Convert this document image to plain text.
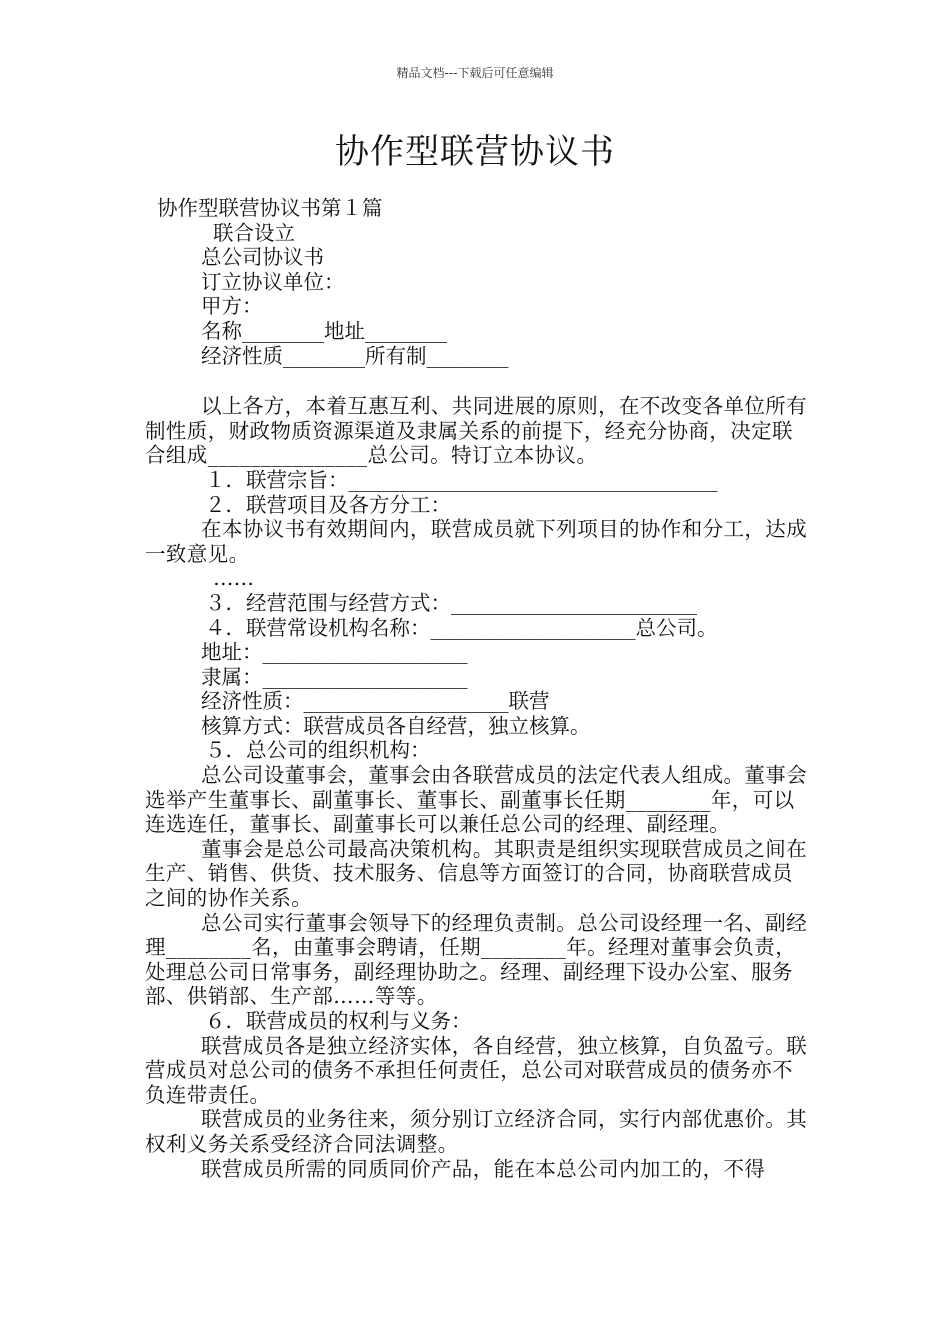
精品文档---下载后可任意编辑
协作型联营协议书

协作型联营协议书第１篇

联合设立

总公司协议书

订立协议单位：

甲方：

名称________地址________

经济性质________所有制________

以上各方，本着互惠互利、共同进展的原则，在不改变各单位所有制性质，财政物质资源渠道及隶属关系的前提下，经充分协商，决定联合组成_______________总公司。特订立本协议。

１．联营宗旨：____________________________________

２．联营项目及各方分工：

在本协议书有效期间内，联营成员就下列项目的协作和分工，达成一致意见。

……

３．经营范围与经营方式：________________________

４．联营常设机构名称：____________________总公司。

地址：____________________

隶属：____________________

经济性质：____________________联营

核算方式：联营成员各自经营，独立核算。

５．总公司的组织机构：

总公司设董事会，董事会由各联营成员的法定代表人组成。董事会选举产生董事长、副董事长、董事长、副董事长任期________年，可以连选连任，董事长、副董事长可以兼任总公司的经理、副经理。

董事会是总公司最高决策机构。其职责是组织实现联营成员之间在生产、销售、供货、技术服务、信息等方面签订的合同，协商联营成员之间的协作关系。

总公司实行董事会领导下的经理负责制。总公司设经理一名、副经理________名，由董事会聘请，任期________年。经理对董事会负责，处理总公司日常事务，副经理协助之。经理、副经理下设办公室、服务部、供销部、生产部……等等。

６．联营成员的权利与义务：

联营成员各是独立经济实体，各自经营，独立核算，自负盈亏。联营成员对总公司的债务不承担任何责任，总公司对联营成员的债务亦不负连带责任。

联营成员的业务往来，须分别订立经济合同，实行内部优惠价。其权利义务关系受经济合同法调整。

联营成员所需的同质同价产品，能在本总公司内加工的，不得
